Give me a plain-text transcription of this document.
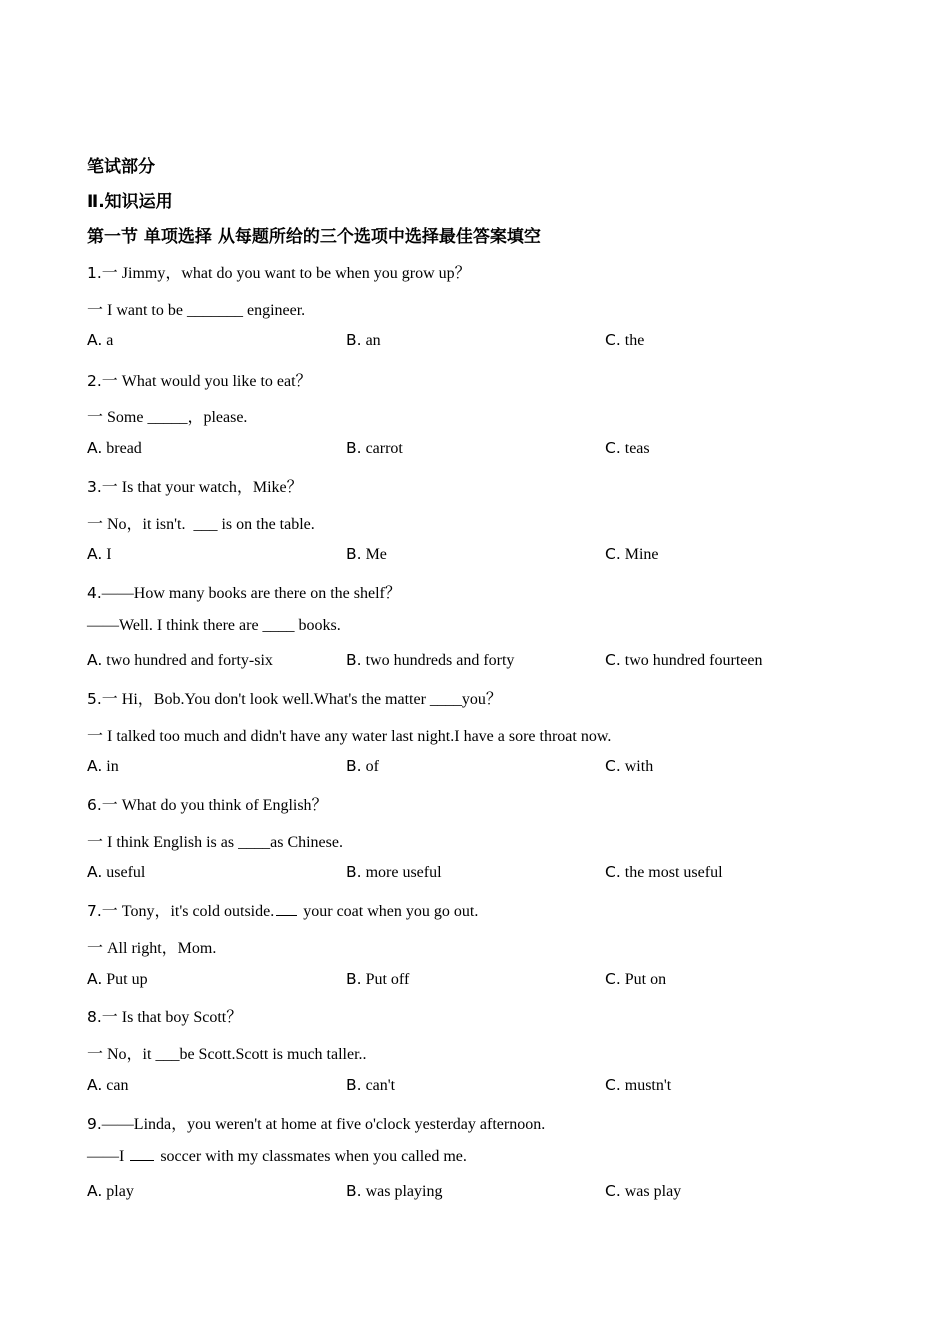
笔试部分
Ⅱ.知识运用
第一节 单项选择 从每题所给的三个选项中选择最佳答案填空
1.一 Jimmy，what do you want to be when you grow up？
一 I want to be _______ engineer.
A. a	B. an	C. the
2.一 What would you like to eat？
一 Some _____，please.
A. bread	B. carrot	C. teas
3.一 Is that your watch，Mike？
一 No，it isn't.  ___ is on the table.
A. I	B. Me	C. Mine
4.——How many books are there on the shelf？
——Well. I think there are ____ books.
A. two hundred and forty-six	B. two hundreds and forty	C. two hundred fourteen
5.一 Hi，Bob.You don't look well.What's the matter ____you？
一 I talked too much and didn't have any water last night.I have a sore throat now.
A. in	B. of	C. with
6.一 What do you think of English？
一 I think English is as ____as Chinese.
A. useful	B. more useful	C. the most useful
7.一 Tony，it's cold outside. your coat when you go out.
一 All right，Mom.
A. Put up	B. Put off	C. Put on
8.一 Is that boy Scott？
一 No，it ___be Scott.Scott is much taller..
A. can	B. can't	C. mustn't
9.——Linda，you weren't at home at five o'clock yesterday afternoon.
——I  soccer with my classmates when you called me.
A. play	B. was playing	C. was play
